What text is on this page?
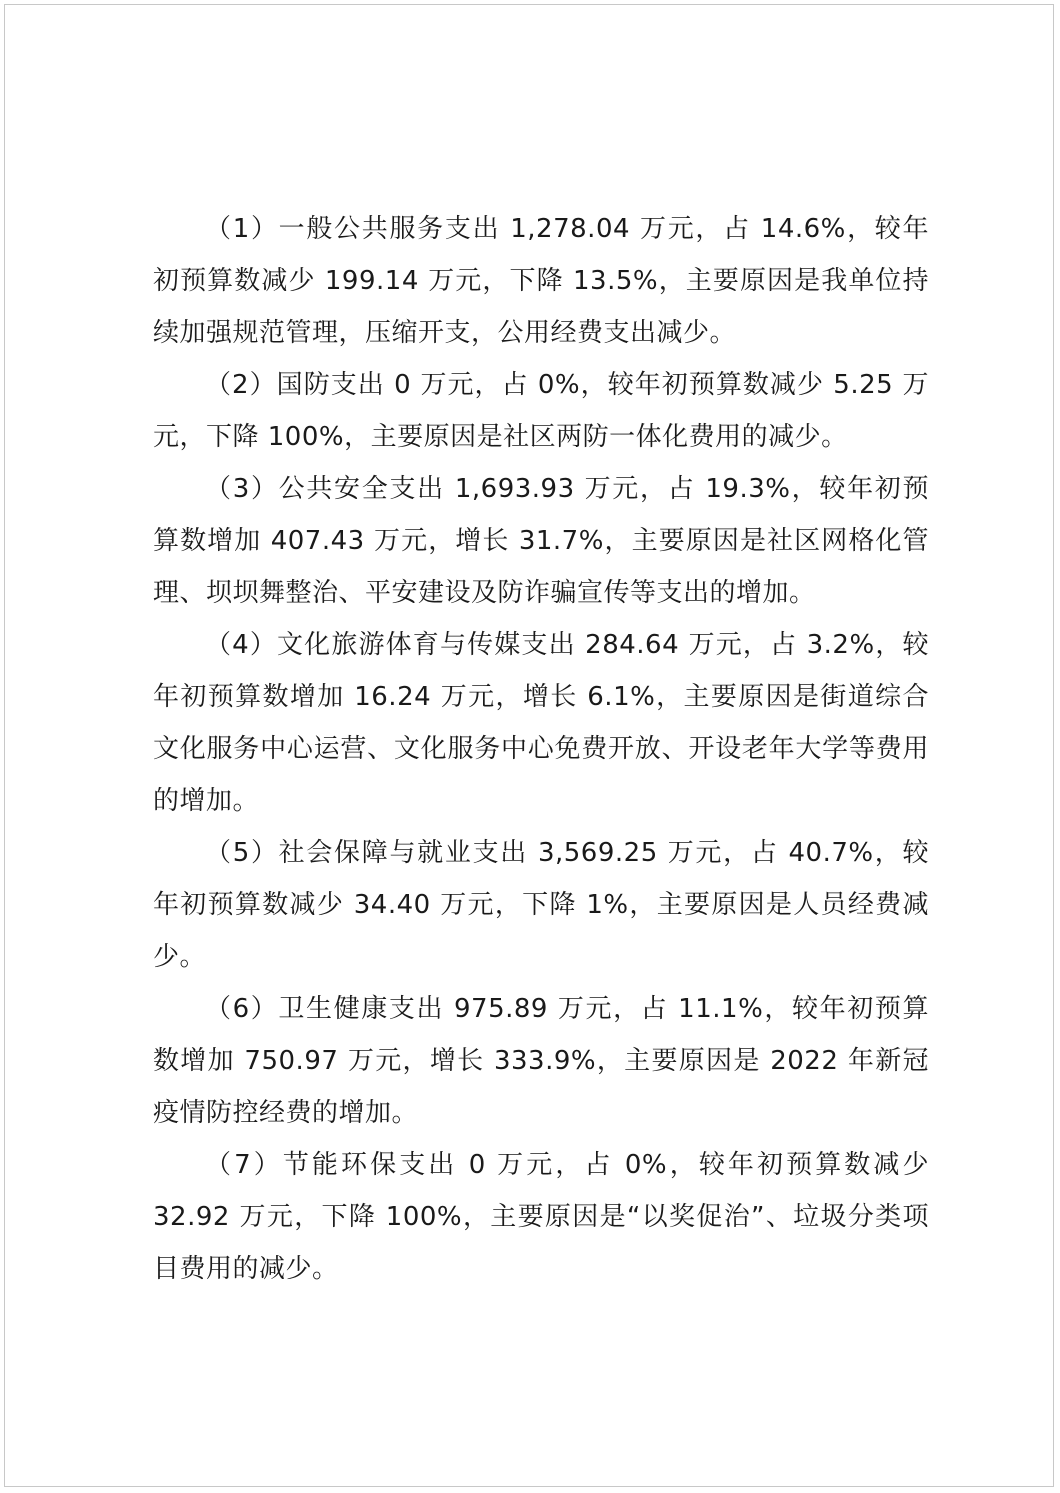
（1）一般公共服务支出 1,278.04 万元，占 14.6%，较年初预算数减少 199.14 万元，下降 13.5%，主要原因是我单位持续加强规范管理，压缩开支，公用经费支出减少。

（2）国防支出 0 万元，占 0%，较年初预算数减少 5.25 万元，下降 100%，主要原因是社区两防一体化费用的减少。

（3）公共安全支出 1,693.93 万元，占 19.3%，较年初预算数增加 407.43 万元，增长 31.7%，主要原因是社区网格化管理、坝坝舞整治、平安建设及防诈骗宣传等支出的增加。

（4）文化旅游体育与传媒支出 284.64 万元，占 3.2%，较年初预算数增加 16.24 万元，增长 6.1%，主要原因是街道综合文化服务中心运营、文化服务中心免费开放、开设老年大学等费用的增加。

（5）社会保障与就业支出 3,569.25 万元，占 40.7%，较年初预算数减少 34.40 万元，下降 1%，主要原因是人员经费减少。

（6）卫生健康支出 975.89 万元，占 11.1%，较年初预算数增加 750.97 万元，增长 333.9%，主要原因是 2022 年新冠疫情防控经费的增加。

（7）节能环保支出 0 万元，占 0%，较年初预算数减少 32.92 万元，下降 100%，主要原因是“以奖促治”、垃圾分类项目费用的减少。
